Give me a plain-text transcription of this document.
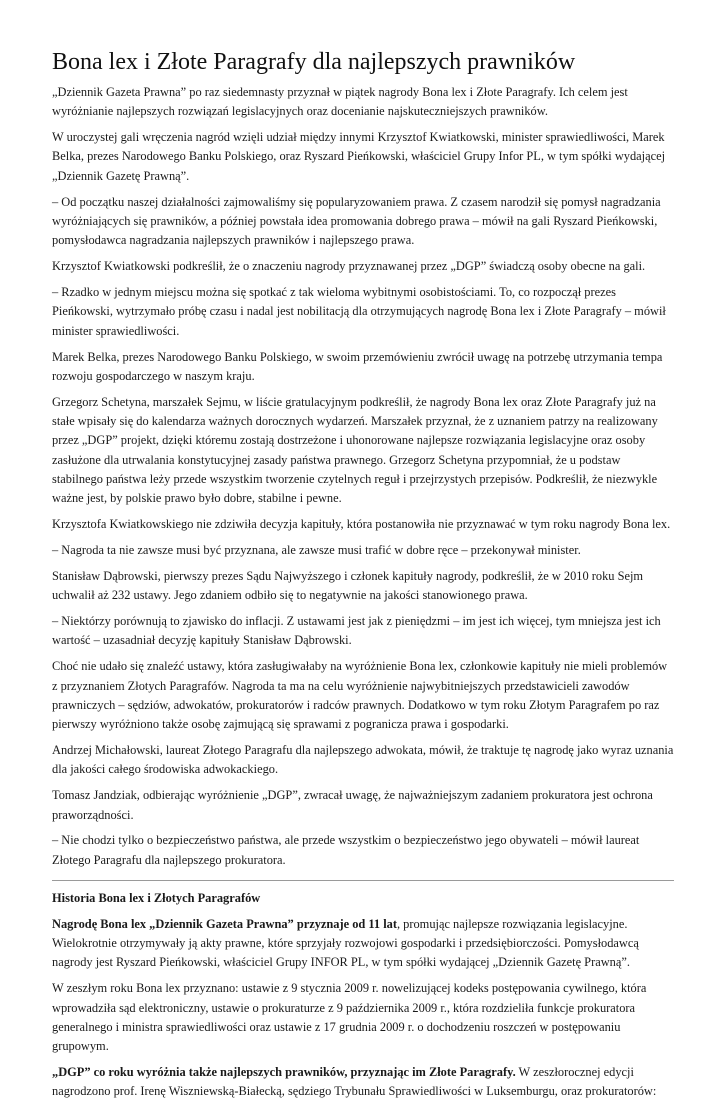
Bona lex i Złote Paragrafy dla najlepszych prawników

„Dziennik Gazeta Prawna” po raz siedemnasty przyznał w piątek nagrody Bona lex i Złote Paragrafy. Ich celem jest wyróżnianie najlepszych rozwiązań legislacyjnych oraz docenianie najskuteczniejszych prawników.

W uroczystej gali wręczenia nagród wzięli udział między innymi Krzysztof Kwiatkowski, minister sprawiedliwości, Marek Belka, prezes Narodowego Banku Polskiego, oraz Ryszard Pieńkowski, właściciel Grupy Infor PL, w tym spółki wydającej „Dziennik Gazetę Prawną”.

– Od początku naszej działalności zajmowaliśmy się popularyzowaniem prawa. Z czasem narodził się pomysł nagradzania wyróżniających się prawników, a później powstała idea promowania dobrego prawa – mówił na gali Ryszard Pieńkowski, pomysłodawca nagradzania najlepszych prawników i najlepszego prawa.

Krzysztof Kwiatkowski podkreślił, że o znaczeniu nagrody przyznawanej przez „DGP” świadczą osoby obecne na gali.

– Rzadko w jednym miejscu można się spotkać z tak wieloma wybitnymi osobistościami. To, co rozpoczął prezes Pieńkowski, wytrzymało próbę czasu i nadal jest nobilitacją dla otrzymujących nagrodę Bona lex i Złote Paragrafy – mówił minister sprawiedliwości.

Marek Belka, prezes Narodowego Banku Polskiego, w swoim przemówieniu zwrócił uwagę na potrzebę utrzymania tempa rozwoju gospodarczego w naszym kraju.

Grzegorz Schetyna, marszałek Sejmu, w liście gratulacyjnym podkreślił, że nagrody Bona lex oraz Złote Paragrafy już na stałe wpisały się do kalendarza ważnych dorocznych wydarzeń. Marszałek przyznał, że z uznaniem patrzy na realizowany przez „DGP” projekt, dzięki któremu zostają dostrzeżone i uhonorowane najlepsze rozwiązania legislacyjne oraz osoby zasłużone dla utrwalania konstytucyjnej zasady państwa prawnego. Grzegorz Schetyna przypomniał, że u podstaw stabilnego państwa leży przede wszystkim tworzenie czytelnych reguł i przejrzystych przepisów. Podkreślił, że niezwykle ważne jest, by polskie prawo było dobre, stabilne i pewne.

Krzysztofa Kwiatkowskiego nie zdziwiła decyzja kapituły, która postanowiła nie przyznawać w tym roku nagrody Bona lex.

– Nagroda ta nie zawsze musi być przyznana, ale zawsze musi trafić w dobre ręce – przekonywał minister.

Stanisław Dąbrowski, pierwszy prezes Sądu Najwyższego i członek kapituły nagrody, podkreślił, że w 2010 roku Sejm uchwalił aż 232 ustawy. Jego zdaniem odbiło się to negatywnie na jakości stanowionego prawa.

– Niektórzy porównują to zjawisko do inflacji. Z ustawami jest jak z pieniędzmi – im jest ich więcej, tym mniejsza jest ich wartość – uzasadniał decyzję kapituły Stanisław Dąbrowski.

Choć nie udało się znaleźć ustawy, która zasługiwałaby na wyróżnienie Bona lex, członkowie kapituły nie mieli problemów z przyznaniem Złotych Paragrafów. Nagroda ta ma na celu wyróżnienie najwybitniejszych przedstawicieli zawodów prawniczych – sędziów, adwokatów, prokuratorów i radców prawnych. Dodatkowo w tym roku Złotym Paragrafem po raz pierwszy wyróżniono także osobę zajmującą się sprawami z pogranicza prawa i gospodarki.

Andrzej Michałowski, laureat Złotego Paragrafu dla najlepszego adwokata, mówił, że traktuje tę nagrodę jako wyraz uznania dla jakości całego środowiska adwokackiego.

Tomasz Jandziak, odbierając wyróżnienie „DGP”, zwracał uwagę, że najważniejszym zadaniem prokuratora jest ochrona praworządności.

– Nie chodzi tylko o bezpieczeństwo państwa, ale przede wszystkim o bezpieczeństwo jego obywateli – mówił laureat Złotego Paragrafu dla najlepszego prokuratora.

Historia Bona lex i Złotych Paragrafów

Nagrodę Bona lex „Dziennik Gazeta Prawna” przyznaje od 11 lat, promując najlepsze rozwiązania legislacyjne. Wielokrotnie otrzymywały ją akty prawne, które sprzyjały rozwojowi gospodarki i przedsiębiorczości. Pomysłodawcą nagrody jest Ryszard Pieńkowski, właściciel Grupy INFOR PL, w tym spółki wydającej „Dziennik Gazetę Prawną”.

W zeszłym roku Bona lex przyznano: ustawie z 9 stycznia 2009 r. nowelizującej kodeks postępowania cywilnego, która wprowadziła sąd elektroniczny, ustawie o prokuraturze z 9 października 2009 r., która rozdzieliła funkcje prokuratora generalnego i ministra sprawiedliwości oraz ustawie z 17 grudnia 2009 r. o dochodzeniu roszczeń w postępowaniu grupowym.

„DGP” co roku wyróżnia także najlepszych prawników, przyznając im Złote Paragrafy. W zeszłorocznej edycji nagrodzono prof. Irenę Wiszniewską-Białecką, sędziego Trybunału Sprawiedliwości w Luksemburgu, oraz prokuratorów:
